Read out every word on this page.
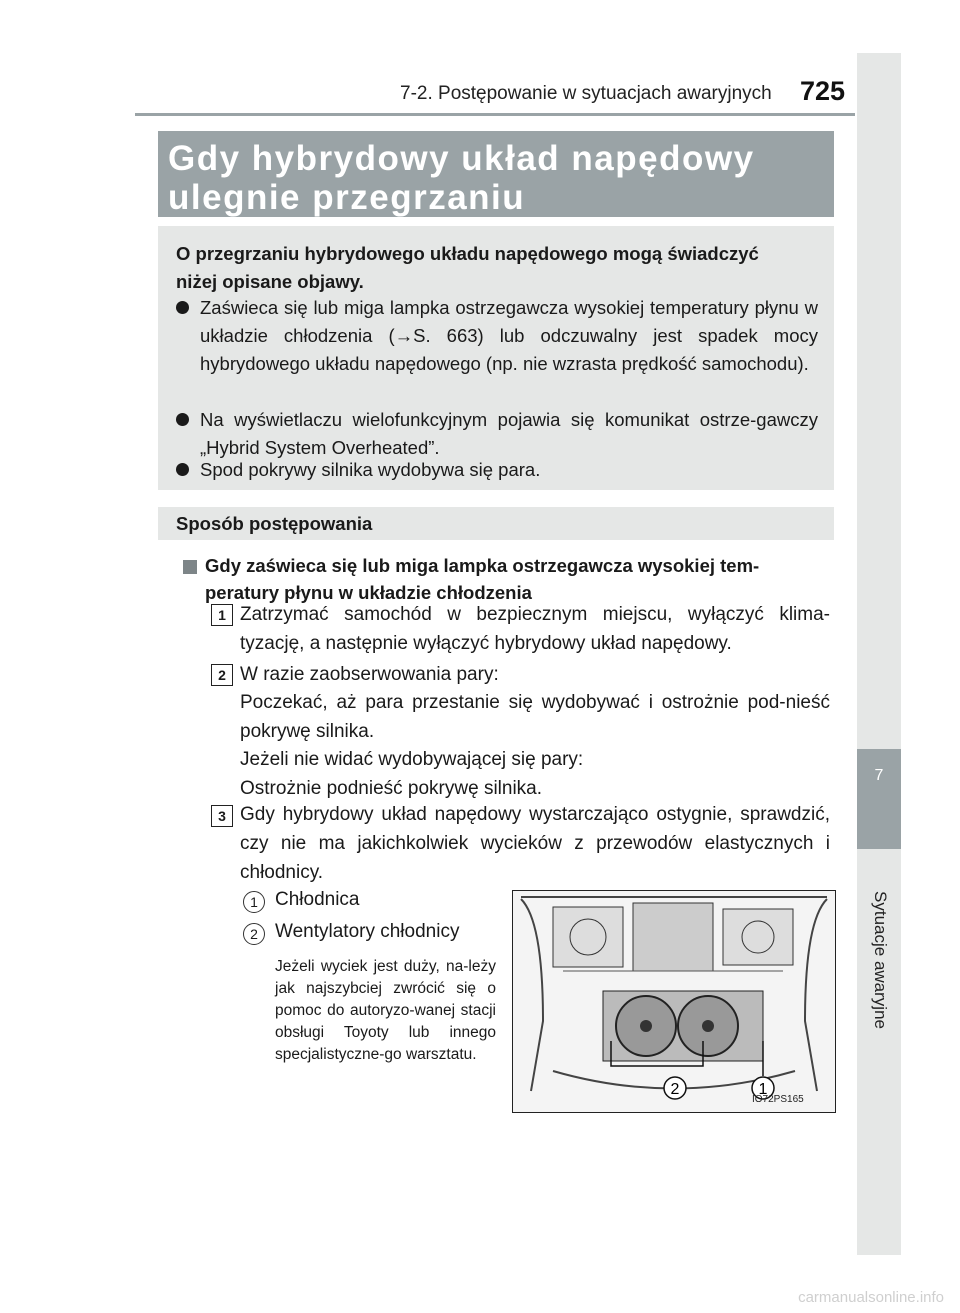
7
Sytuacje awaryjne
7-2. Postępowanie w sytuacjach awaryjnych 725
Gdy hybrydowy układ napędowy
ulegnie przegrzaniu
O przegrzaniu hybrydowego układu napędowego mogą świadczyć
niżej opisane objawy.
Zaświeca się lub miga lampka ostrzegawcza wysokiej temperatury płynu w układzie chłodzenia (→S. 663) lub odczuwalny jest spadek mocy hybrydowego układu napędowego (np. nie wzrasta prędkość samochodu).
Na wyświetlaczu wielofunkcyjnym pojawia się komunikat ostrze-gawczy „Hybrid System Overheated”.
Spod pokrywy silnika wydobywa się para.
Sposób postępowania
Gdy zaświeca się lub miga lampka ostrzegawcza wysokiej tem-peratury płynu w układzie chłodzenia
1 Zatrzymać samochód w bezpiecznym miejscu, wyłączyć klima-tyzację, a następnie wyłączyć hybrydowy układ napędowy.
2 W razie zaobserwowania pary:
Poczekać, aż para przestanie się wydobywać i ostrożnie pod-nieść pokrywę silnika.
Jeżeli nie widać wydobywającej się pary:
Ostrożnie podnieść pokrywę silnika.
3 Gdy hybrydowy układ napędowy wystarczająco ostygnie, sprawdzić, czy nie ma jakichkolwiek wycieków z przewodów elastycznych i chłodnicy.
1 Chłodnica
2 Wentylatory chłodnicy
Jeżeli wyciek jest duży, na-leży jak najszybciej zwrócić się o pomoc do autoryzo-wanej stacji obsługi Toyoty lub innego specjalistyczne-go warsztatu.
2	1
IO72PS165
carmanualsonline.info
